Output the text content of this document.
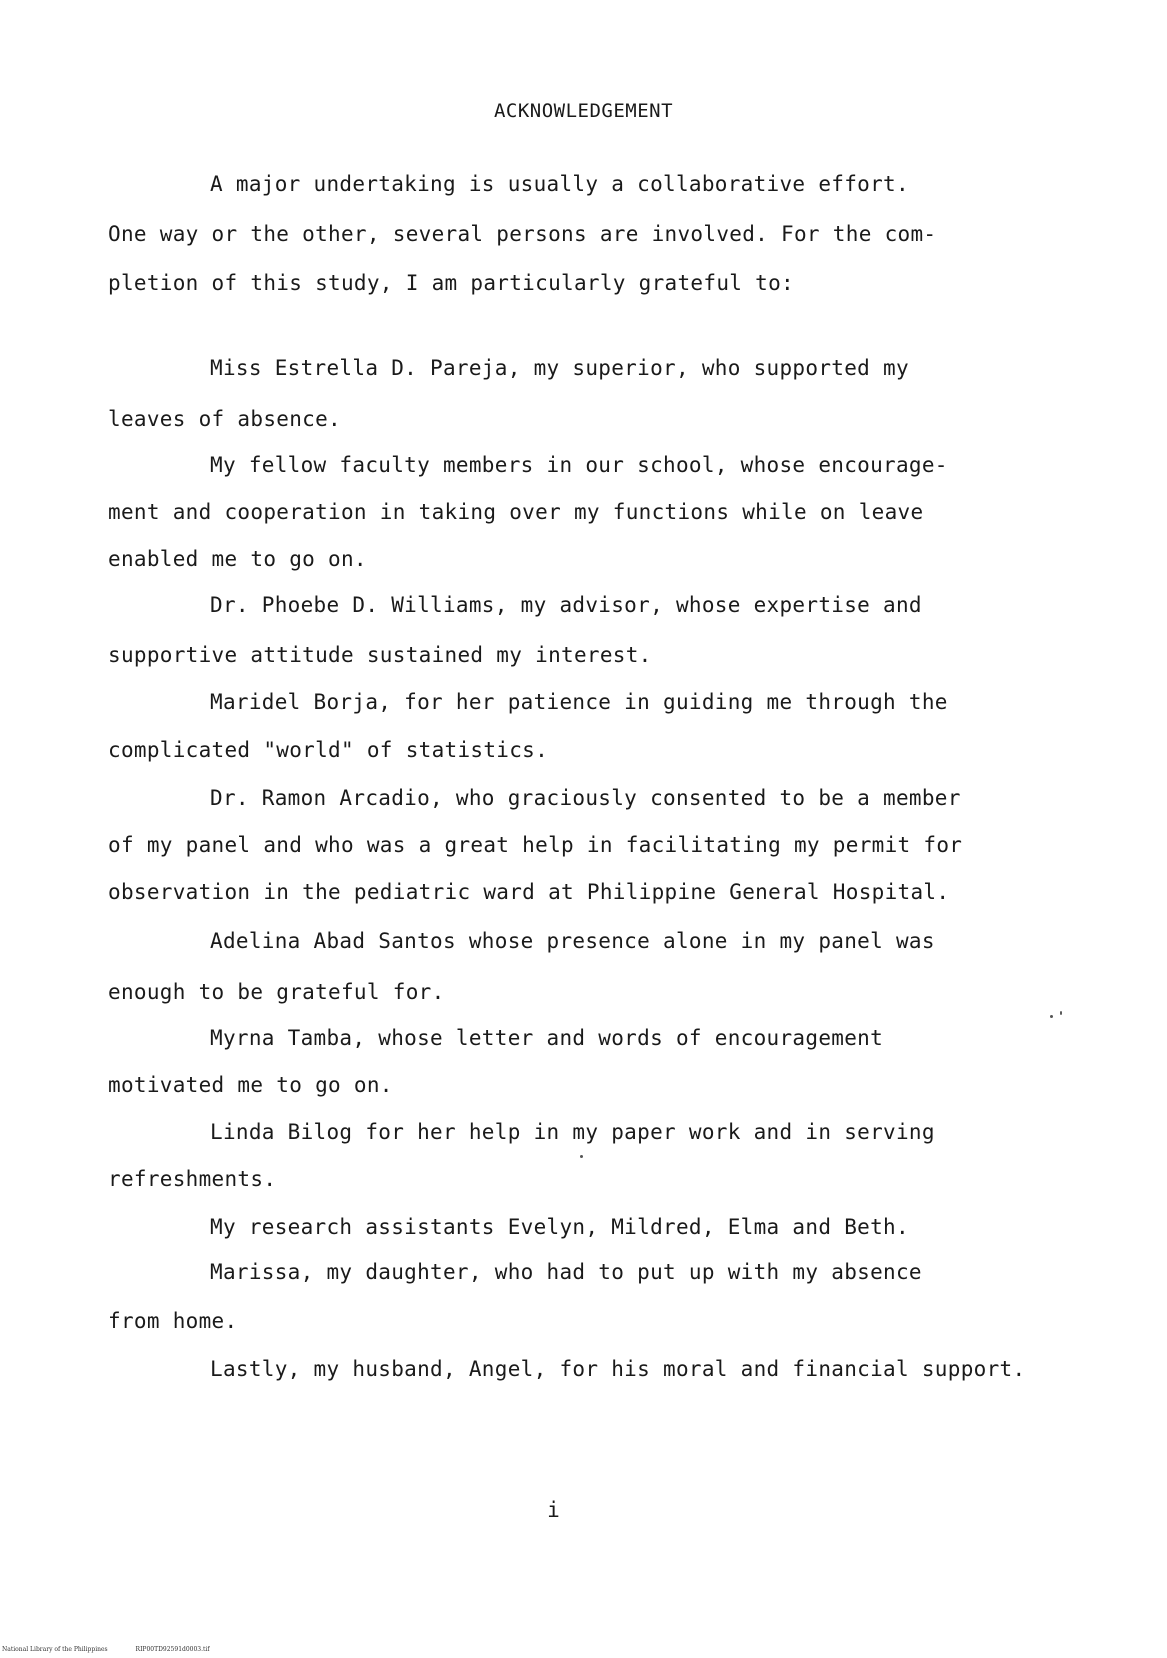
ACKNOWLEDGEMENT
A major undertaking is usually a collaborative effort.
One way or the other, several persons are involved. For the com-
pletion of this study, I am particularly grateful to:
Miss Estrella D. Pareja, my superior, who supported my
leaves of absence.
My fellow faculty members in our school, whose encourage-
ment and cooperation in taking over my functions while on leave
enabled me to go on.
Dr. Phoebe D. Williams, my advisor, whose expertise and
supportive attitude sustained my interest.
Maridel Borja, for her patience in guiding me through the
complicated "world" of statistics.
Dr. Ramon Arcadio, who graciously consented to be a member
of my panel and who was a great help in facilitating my permit for
observation in the pediatric ward at Philippine General Hospital.
Adelina Abad Santos whose presence alone in my panel was
enough to be grateful for.
Myrna Tamba, whose letter and words of encouragement
motivated me to go on.
Linda Bilog for her help in my paper work and in serving
refreshments.
My research assistants Evelyn, Mildred, Elma and Beth.
Marissa, my daughter, who had to put up with my absence
from home.
Lastly, my husband, Angel, for his moral and financial support.
i
National Library of the Philippines	RIP00TD92591d0003.tif
